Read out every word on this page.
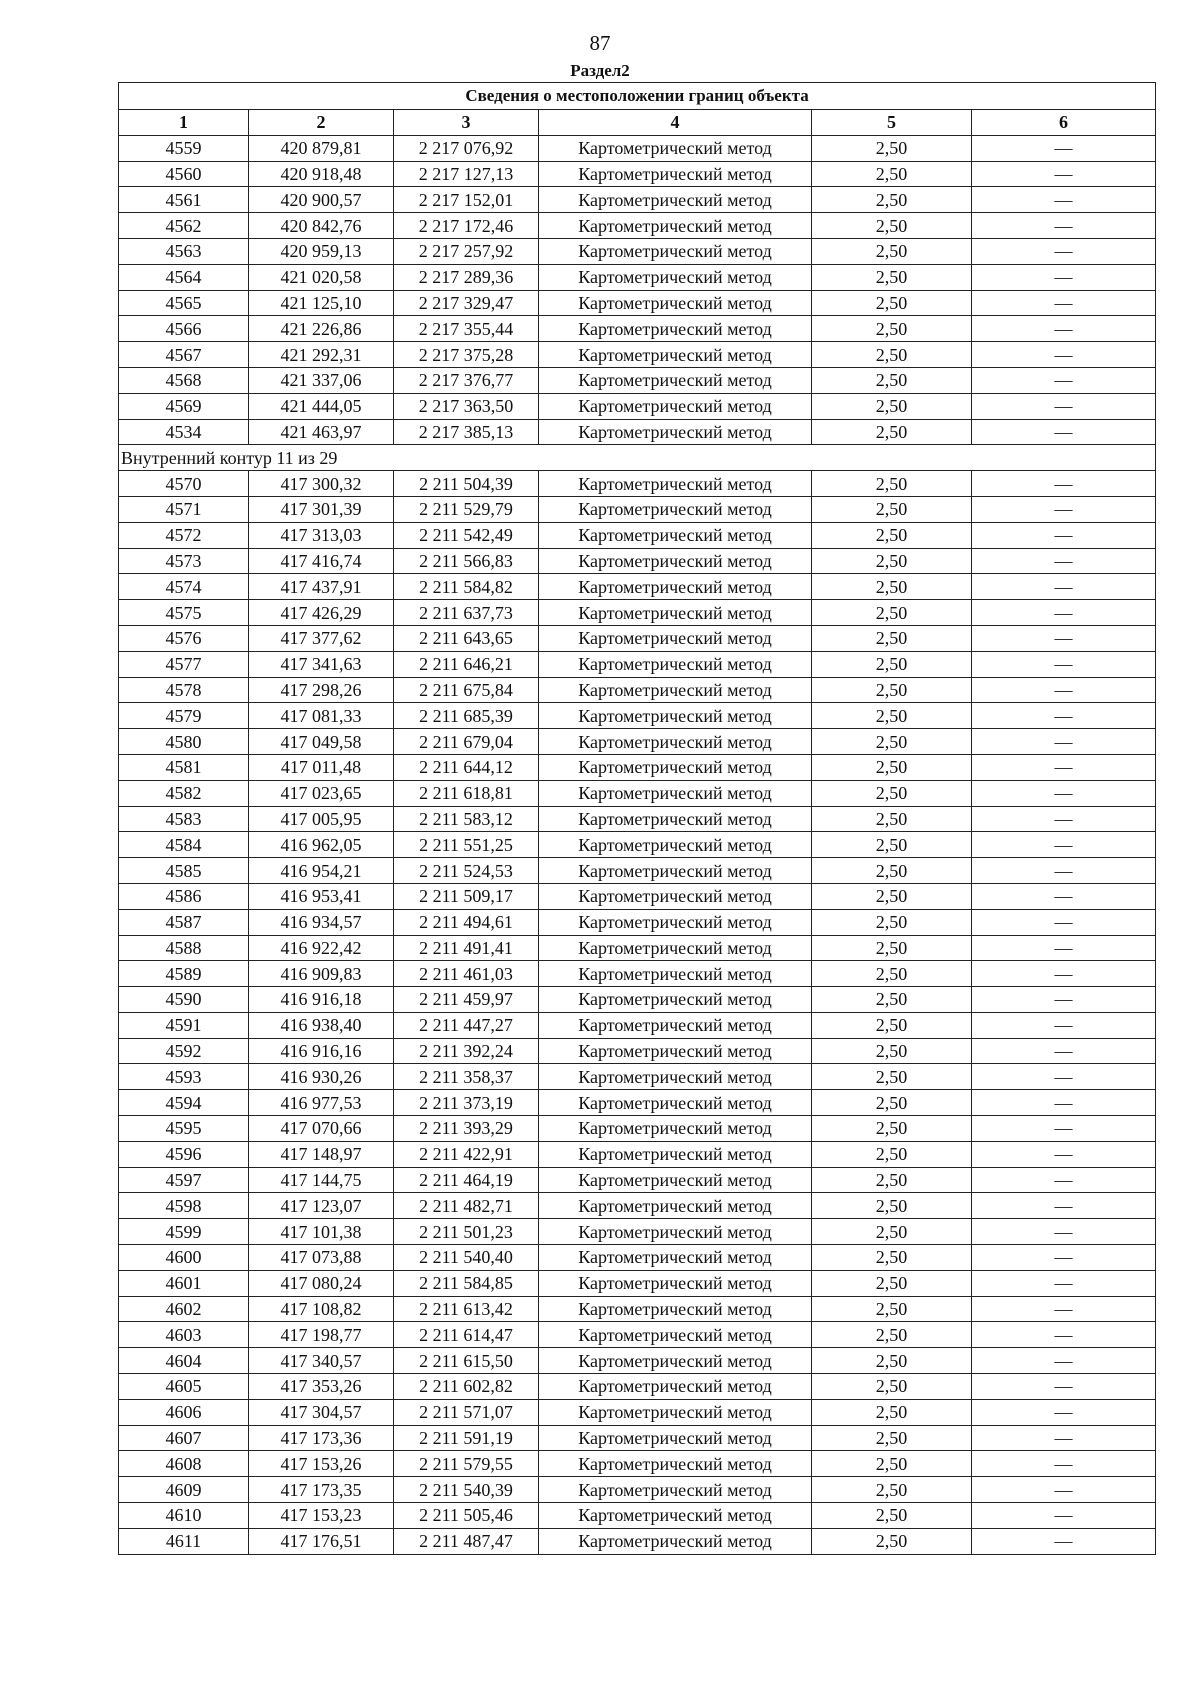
87
Раздел2
Сведения о местоположении границ объекта					
1	2	3	4	5	6
4559	420 879,81	2 217 076,92	Картометрический метод	2,50	—
4560	420 918,48	2 217 127,13	Картометрический метод	2,50	—
4561	420 900,57	2 217 152,01	Картометрический метод	2,50	—
4562	420 842,76	2 217 172,46	Картометрический метод	2,50	—
4563	420 959,13	2 217 257,92	Картометрический метод	2,50	—
4564	421 020,58	2 217 289,36	Картометрический метод	2,50	—
4565	421 125,10	2 217 329,47	Картометрический метод	2,50	—
4566	421 226,86	2 217 355,44	Картометрический метод	2,50	—
4567	421 292,31	2 217 375,28	Картометрический метод	2,50	—
4568	421 337,06	2 217 376,77	Картометрический метод	2,50	—
4569	421 444,05	2 217 363,50	Картометрический метод	2,50	—
4534	421 463,97	2 217 385,13	Картометрический метод	2,50	—
Внутренний контур 11 из 29					
4570	417 300,32	2 211 504,39	Картометрический метод	2,50	—
4571	417 301,39	2 211 529,79	Картометрический метод	2,50	—
4572	417 313,03	2 211 542,49	Картометрический метод	2,50	—
4573	417 416,74	2 211 566,83	Картометрический метод	2,50	—
4574	417 437,91	2 211 584,82	Картометрический метод	2,50	—
4575	417 426,29	2 211 637,73	Картометрический метод	2,50	—
4576	417 377,62	2 211 643,65	Картометрический метод	2,50	—
4577	417 341,63	2 211 646,21	Картометрический метод	2,50	—
4578	417 298,26	2 211 675,84	Картометрический метод	2,50	—
4579	417 081,33	2 211 685,39	Картометрический метод	2,50	—
4580	417 049,58	2 211 679,04	Картометрический метод	2,50	—
4581	417 011,48	2 211 644,12	Картометрический метод	2,50	—
4582	417 023,65	2 211 618,81	Картометрический метод	2,50	—
4583	417 005,95	2 211 583,12	Картометрический метод	2,50	—
4584	416 962,05	2 211 551,25	Картометрический метод	2,50	—
4585	416 954,21	2 211 524,53	Картометрический метод	2,50	—
4586	416 953,41	2 211 509,17	Картометрический метод	2,50	—
4587	416 934,57	2 211 494,61	Картометрический метод	2,50	—
4588	416 922,42	2 211 491,41	Картометрический метод	2,50	—
4589	416 909,83	2 211 461,03	Картометрический метод	2,50	—
4590	416 916,18	2 211 459,97	Картометрический метод	2,50	—
4591	416 938,40	2 211 447,27	Картометрический метод	2,50	—
4592	416 916,16	2 211 392,24	Картометрический метод	2,50	—
4593	416 930,26	2 211 358,37	Картометрический метод	2,50	—
4594	416 977,53	2 211 373,19	Картометрический метод	2,50	—
4595	417 070,66	2 211 393,29	Картометрический метод	2,50	—
4596	417 148,97	2 211 422,91	Картометрический метод	2,50	—
4597	417 144,75	2 211 464,19	Картометрический метод	2,50	—
4598	417 123,07	2 211 482,71	Картометрический метод	2,50	—
4599	417 101,38	2 211 501,23	Картометрический метод	2,50	—
4600	417 073,88	2 211 540,40	Картометрический метод	2,50	—
4601	417 080,24	2 211 584,85	Картометрический метод	2,50	—
4602	417 108,82	2 211 613,42	Картометрический метод	2,50	—
4603	417 198,77	2 211 614,47	Картометрический метод	2,50	—
4604	417 340,57	2 211 615,50	Картометрический метод	2,50	—
4605	417 353,26	2 211 602,82	Картометрический метод	2,50	—
4606	417 304,57	2 211 571,07	Картометрический метод	2,50	—
4607	417 173,36	2 211 591,19	Картометрический метод	2,50	—
4608	417 153,26	2 211 579,55	Картометрический метод	2,50	—
4609	417 173,35	2 211 540,39	Картометрический метод	2,50	—
4610	417 153,23	2 211 505,46	Картометрический метод	2,50	—
4611	417 176,51	2 211 487,47	Картометрический метод	2,50	—
